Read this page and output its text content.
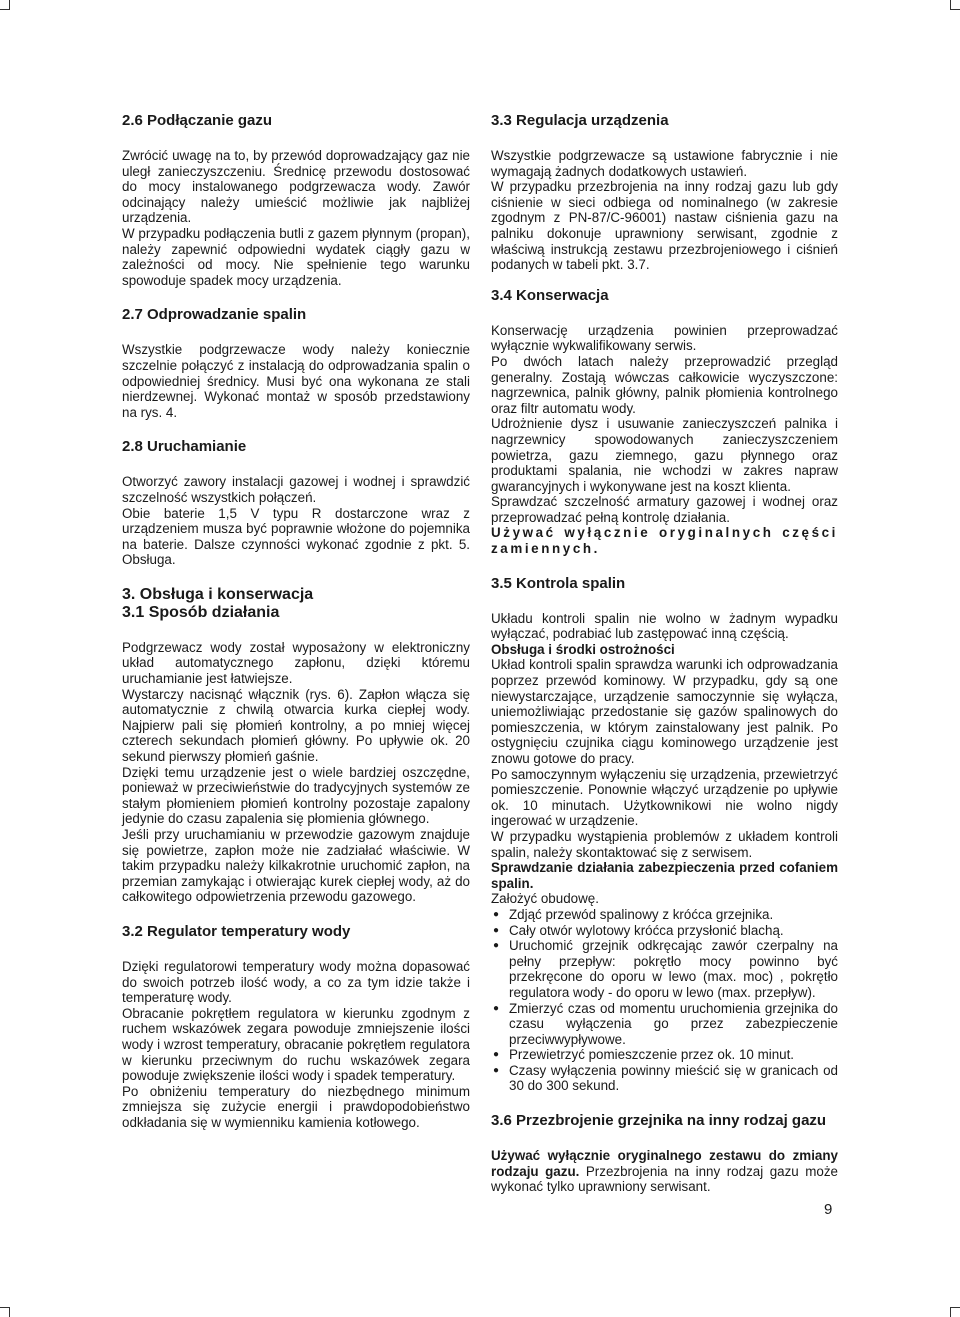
2.6 Podłączanie gazu

Zwrócić uwagę na to, by przewód doprowadzający gaz nie uległ zanieczyszczeniu. Średnicę przewodu dostosować do mocy instalowanego podgrzewacza wody. Zawór odcinający należy umieścić możliwie jak najbliżej urządzenia.

W przypadku podłączenia butli z gazem płynnym (propan), należy zapewnić odpowiedni wydatek ciągły gazu w zależności od mocy. Nie spełnienie tego warunku spowoduje spadek mocy urządzenia.

2.7 Odprowadzanie spalin

Wszystkie podgrzewacze wody należy koniecznie szczelnie połączyć z instalacją do odprowadzania spalin o odpowiedniej średnicy. Musi być ona wykonana ze stali nierdzewnej. Wykonać montaż w sposób przedstawiony na rys. 4.

2.8 Uruchamianie

Otworzyć zawory instalacji gazowej i wodnej i sprawdzić szczelność wszystkich połączeń.

Obie baterie 1,5 V typu R dostarczone wraz z urządzeniem musza być poprawnie włożone do pojemnika na baterie. Dalsze czynności wykonać zgodnie z pkt. 5. Obsługa.

3. Obsługa i konserwacja
3.1 Sposób działania

Podgrzewacz wody został wyposażony w elektroniczny układ automatycznego zapłonu, dzięki któremu uruchamianie jest łatwiejsze.

Wystarczy nacisnąć włącznik (rys. 6). Zapłon włącza się automatycznie z chwilą otwarcia kurka ciepłej wody. Najpierw pali się płomień kontrolny, a po mniej więcej czterech sekundach płomień główny. Po upływie ok. 20 sekund pierwszy płomień gaśnie.

Dzięki temu urządzenie jest o wiele bardziej oszczędne, ponieważ w przeciwieństwie do tradycyjnych systemów ze stałym płomieniem płomień kontrolny pozostaje zapalony jedynie do czasu zapalenia się płomienia głównego.

Jeśli przy uruchamianiu w przewodzie gazowym znajduje się powietrze, zapłon może nie zadziałać właściwie. W takim przypadku należy kilkakrotnie uruchomić zapłon, na przemian zamykając i otwierając kurek ciepłej wody, aż do całkowitego odpowietrzenia przewodu gazowego.

3.2 Regulator temperatury wody

Dzięki regulatorowi temperatury wody można dopasować do swoich potrzeb ilość wody, a co za tym idzie także i temperaturę wody.

Obracanie pokrętłem regulatora w kierunku zgodnym z ruchem wskazówek zegara powoduje zmniejszenie ilości wody i wzrost temperatury, obracanie pokrętłem regulatora w kierunku przeciwnym do ruchu wskazówek zegara powoduje zwiększenie ilości wody i spadek temperatury.

Po obniżeniu temperatury do niezbędnego minimum zmniejsza się zużycie energii i prawdopodobieństwo odkładania się w wymienniku kamienia kotłowego.

3.3 Regulacja urządzenia

Wszystkie podgrzewacze są ustawione fabrycznie i nie wymagają żadnych dodatkowych ustawień.

W przypadku przezbrojenia na inny rodzaj gazu lub gdy ciśnienie w sieci odbiega od nominalnego (w zakresie zgodnym z PN-87/C-96001) nastaw ciśnienia gazu na palniku dokonuje uprawniony serwisant, zgodnie z właściwą instrukcją zestawu przezbrojeniowego i ciśnień podanych w tabeli pkt. 3.7.

3.4 Konserwacja

Konserwację urządzenia powinien przeprowadzać wyłącznie wykwalifikowany serwis.

Po dwóch latach należy przeprowadzić przegląd generalny. Zostają wówczas całkowicie wyczyszczone: nagrzewnica, palnik główny, palnik płomienia kontrolnego oraz filtr automatu wody.

Udrożnienie dysz i usuwanie zanieczyszczeń palnika i nagrzewnicy spowodowanych zanieczyszczeniem powietrza, gazu ziemnego, gazu płynnego oraz produktami spalania, nie wchodzi w zakres napraw gwarancyjnych i wykonywane jest na koszt klienta.

Sprawdzać szczelność armatury gazowej i wodnej oraz przeprowadzać pełną kontrolę działania.

Używać wyłącznie oryginalnych części zamiennych.

3.5 Kontrola spalin

Układu kontroli spalin nie wolno w żadnym wypadku wyłączać, podrabiać lub zastępować inną częścią.

Obsługa i środki ostrożności

Układ kontroli spalin sprawdza warunki ich odprowadzania poprzez przewód kominowy. W przypadku, gdy są one niewystarczające, urządzenie samoczynnie się wyłącza, uniemożliwiając przedostanie się gazów spalinowych do pomieszczenia, w którym zainstalowany jest palnik. Po ostygnięciu czujnika ciągu kominowego urządzenie jest znowu gotowe do pracy.

Po samoczynnym wyłączeniu się urządzenia, przewietrzyć pomieszczenie. Ponownie włączyć urządzenie po upływie ok. 10 minutach. Użytkownikowi nie wolno nigdy ingerować w urządzenie.

W przypadku wystąpienia problemów z układem kontroli spalin, należy skontaktować się z serwisem.

Sprawdzanie działania zabezpieczenia przed cofaniem spalin.

Założyć obudowę.

● Zdjąć przewód spalinowy z króćca grzejnika.
● Cały otwór wylotowy króćca przysłonić blachą.
● Uruchomić grzejnik odkręcając zawór czerpalny na pełny przepływ: pokrętło mocy powinno być przekręcone do oporu w lewo (max. moc) , pokrętło regulatora wody - do oporu w lewo (max. przepływ).
● Zmierzyć czas od momentu uruchomienia grzejnika do czasu wyłączenia go przez zabezpieczenie przeciwwypływowe.
● Przewietrzyć pomieszczenie przez ok. 10 minut.
● Czasy wyłączenia powinny mieścić się w granicach od 30 do 300 sekund.
3.6 Przezbrojenie grzejnika na inny rodzaj gazu

Używać wyłącznie oryginalnego zestawu do zmiany rodzaju gazu. Przezbrojenia na inny rodzaj gazu może wykonać tylko uprawniony serwisant.

9
